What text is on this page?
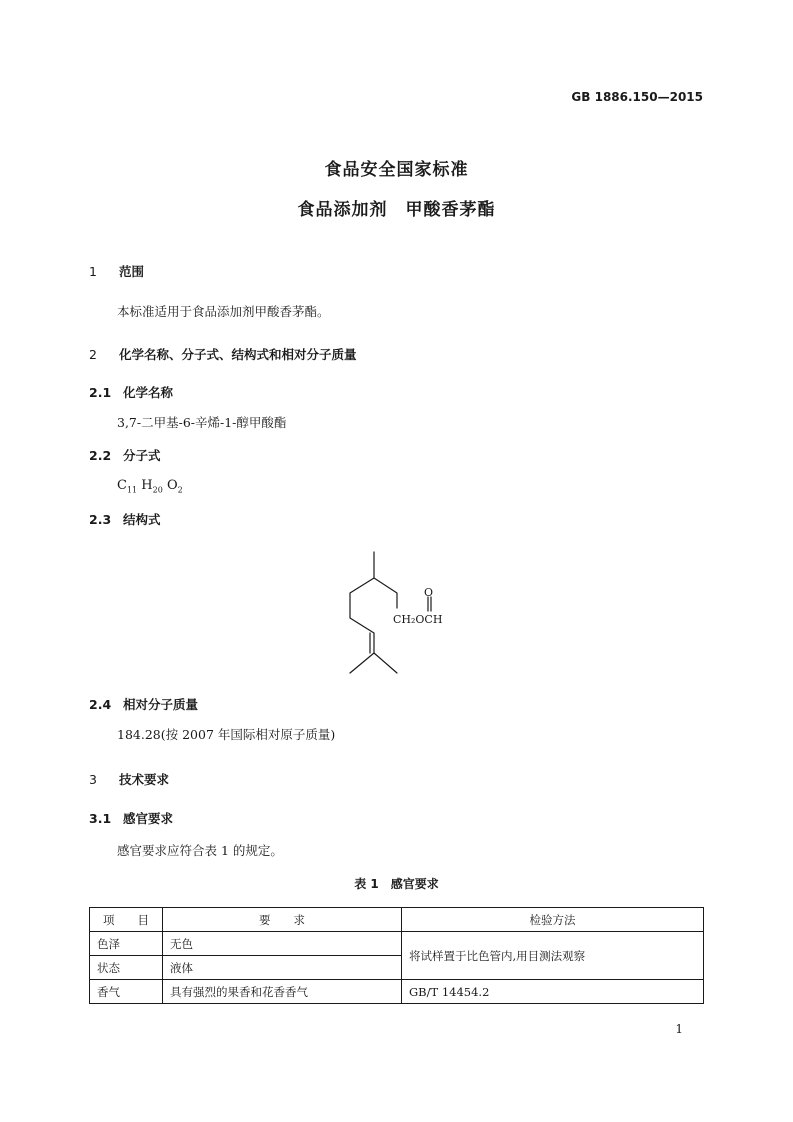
GB 1886.150—2015
食品安全国家标准
食品添加剂　甲酸香茅酯
1 范围
本标准适用于食品添加剂甲酸香茅酯。
2 化学名称、分子式、结构式和相对分子质量
2.1 化学名称
3,7-二甲基-6-辛烯-1-醇甲酸酯
2.2 分子式
$C_{11}$ $H_{20}$ $O_2$
2.3 结构式
O
CH₂OCH
2.4 相对分子质量
184.28(按 2007 年国际相对原子质量)
3 技术要求
3.1 感官要求
感官要求应符合表 1 的规定。
表 1　感官要求
项　　目	要　　求	检验方法
色泽	无色	将试样置于比色管内,用目测法观察
状态	液体	
香气	具有强烈的果香和花香香气	GB/T 14454.2
1
